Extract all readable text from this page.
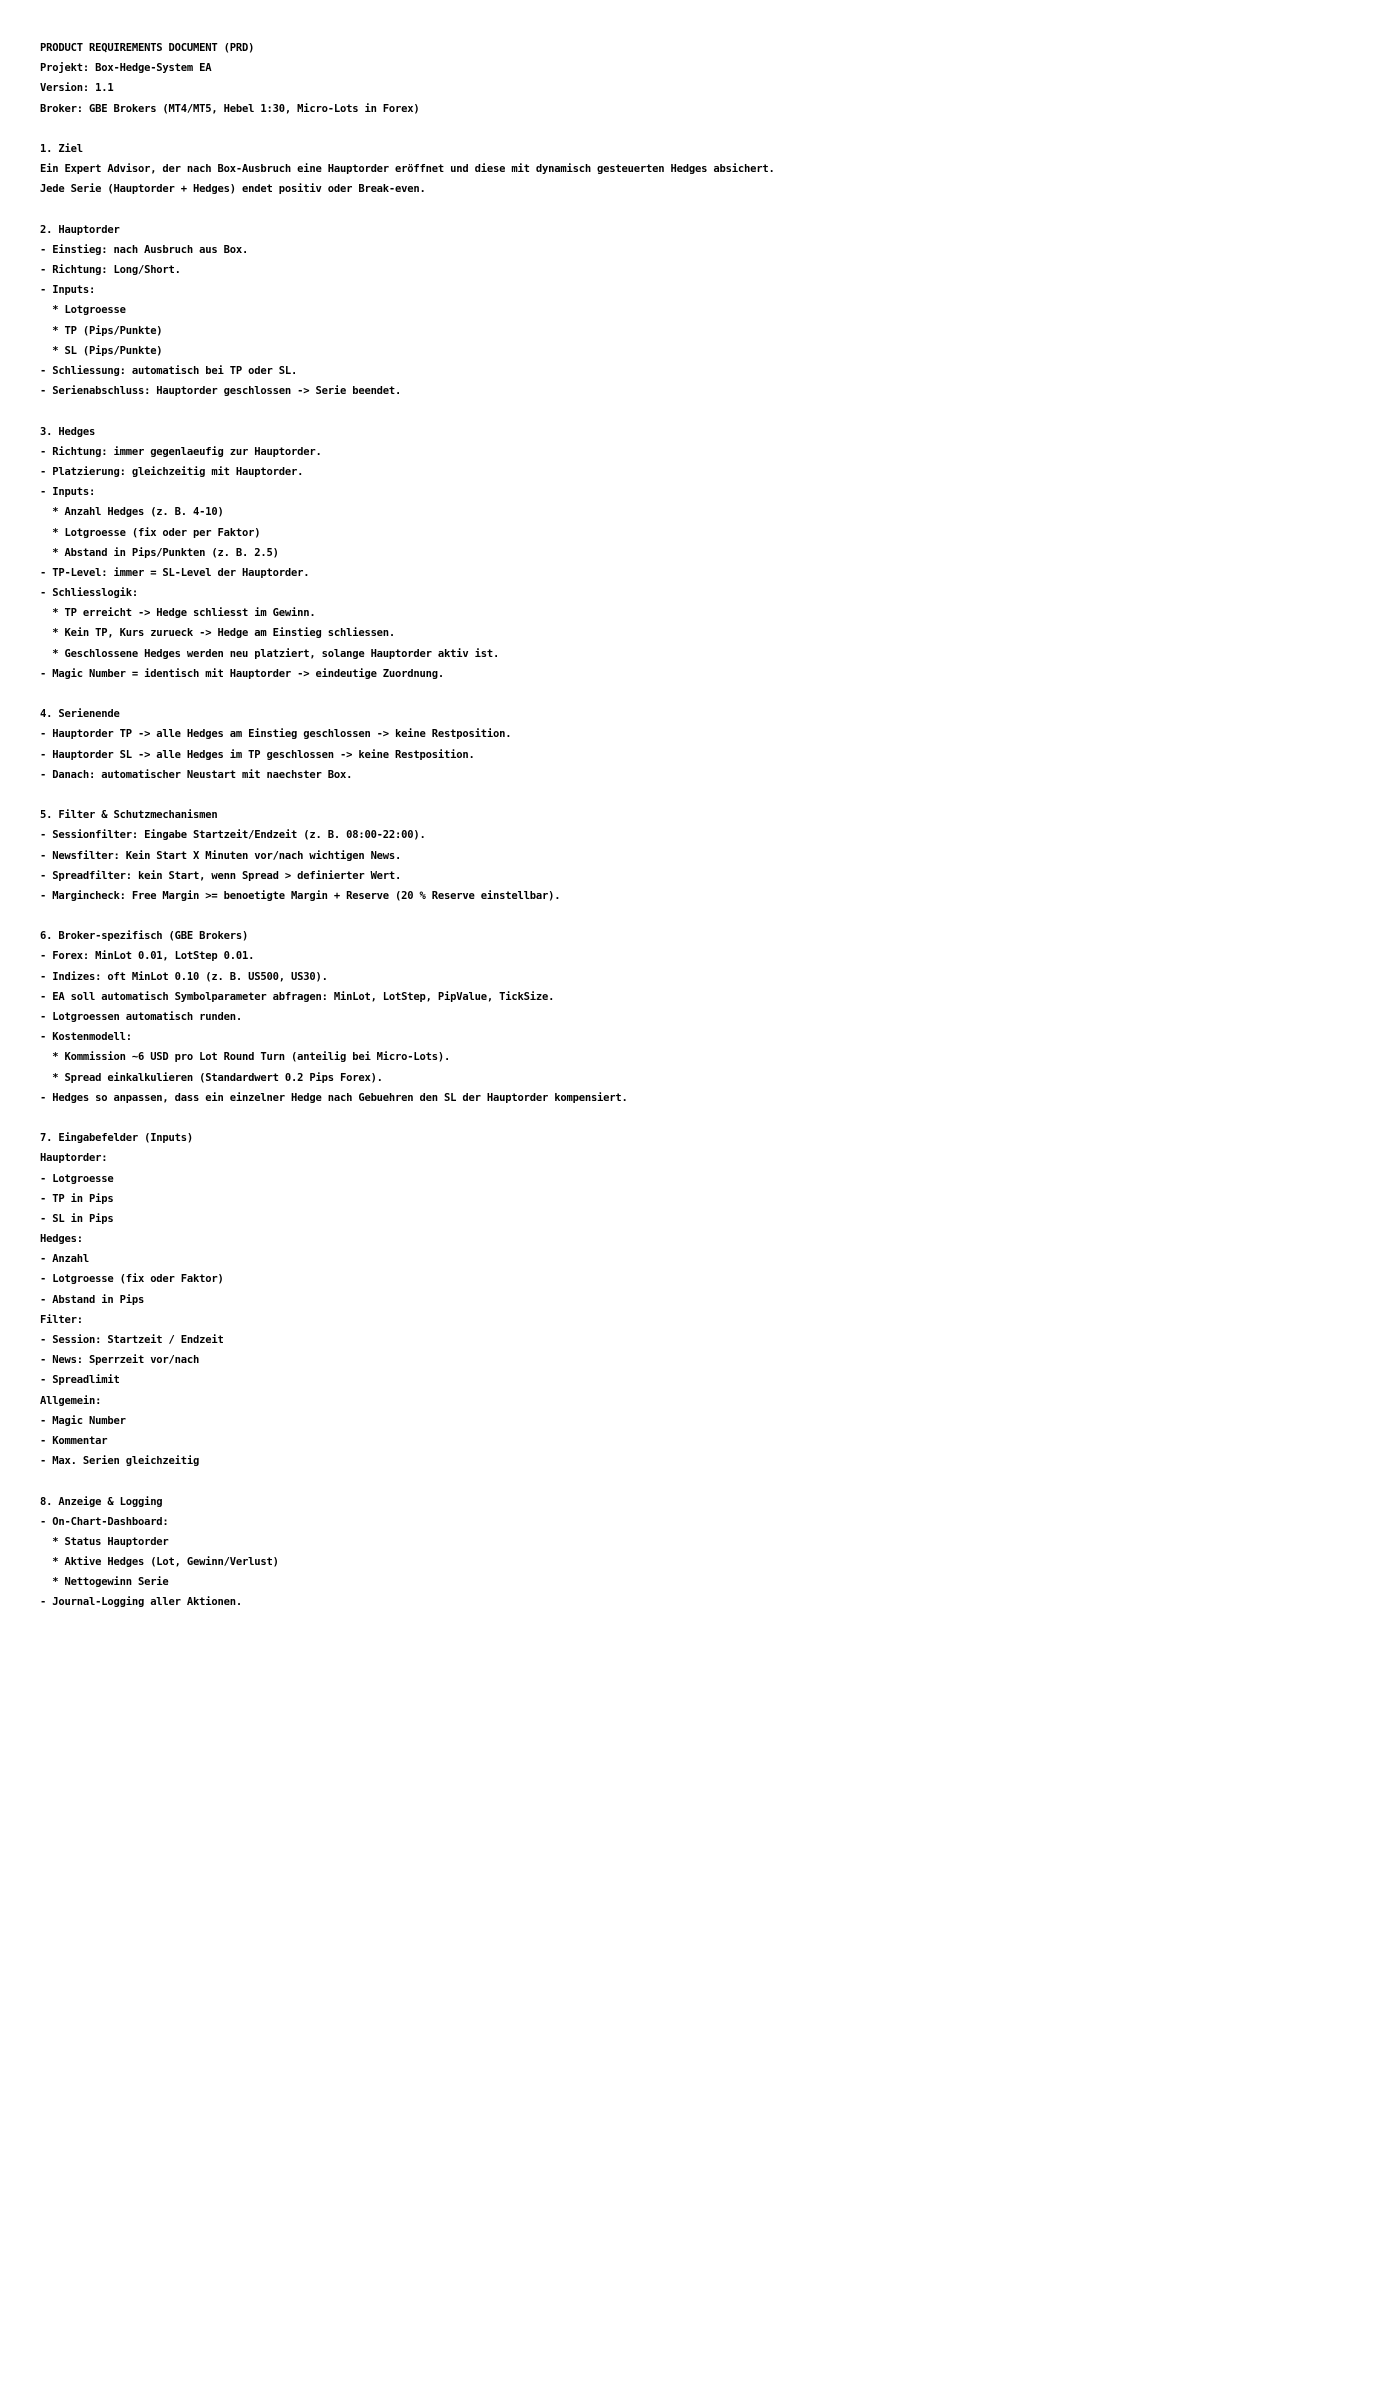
PRODUCT REQUIREMENTS DOCUMENT (PRD)
Projekt: Box-Hedge-System EA
Version: 1.1
Broker: GBE Brokers (MT4/MT5, Hebel 1:30, Micro-Lots in Forex)
1. Ziel
Ein Expert Advisor, der nach Box-Ausbruch eine Hauptorder eröffnet und diese mit dynamisch gesteuerten Hedges absichert.
Jede Serie (Hauptorder + Hedges) endet positiv oder Break-even.
2. Hauptorder
- Einstieg: nach Ausbruch aus Box.
- Richtung: Long/Short.
- Inputs:
* Lotgroesse
* TP (Pips/Punkte)
* SL (Pips/Punkte)
- Schliessung: automatisch bei TP oder SL.
- Serienabschluss: Hauptorder geschlossen -> Serie beendet.
3. Hedges
- Richtung: immer gegenlaeufig zur Hauptorder.
- Platzierung: gleichzeitig mit Hauptorder.
- Inputs:
* Anzahl Hedges (z. B. 4-10)
* Lotgroesse (fix oder per Faktor)
* Abstand in Pips/Punkten (z. B. 2.5)
- TP-Level: immer = SL-Level der Hauptorder.
- Schliesslogik:
* TP erreicht -> Hedge schliesst im Gewinn.
* Kein TP, Kurs zurueck -> Hedge am Einstieg schliessen.
* Geschlossene Hedges werden neu platziert, solange Hauptorder aktiv ist.
- Magic Number = identisch mit Hauptorder -> eindeutige Zuordnung.
4. Serienende
- Hauptorder TP -> alle Hedges am Einstieg geschlossen -> keine Restposition.
- Hauptorder SL -> alle Hedges im TP geschlossen -> keine Restposition.
- Danach: automatischer Neustart mit naechster Box.
5. Filter & Schutzmechanismen
- Sessionfilter: Eingabe Startzeit/Endzeit (z. B. 08:00-22:00).
- Newsfilter: Kein Start X Minuten vor/nach wichtigen News.
- Spreadfilter: kein Start, wenn Spread > definierter Wert.
- Margincheck: Free Margin >= benoetigte Margin + Reserve (20 % Reserve einstellbar).
6. Broker-spezifisch (GBE Brokers)
- Forex: MinLot 0.01, LotStep 0.01.
- Indizes: oft MinLot 0.10 (z. B. US500, US30).
- EA soll automatisch Symbolparameter abfragen: MinLot, LotStep, PipValue, TickSize.
- Lotgroessen automatisch runden.
- Kostenmodell:
* Kommission ~6 USD pro Lot Round Turn (anteilig bei Micro-Lots).
* Spread einkalkulieren (Standardwert 0.2 Pips Forex).
- Hedges so anpassen, dass ein einzelner Hedge nach Gebuehren den SL der Hauptorder kompensiert.
7. Eingabefelder (Inputs)
Hauptorder:
- Lotgroesse
- TP in Pips
- SL in Pips
Hedges:
- Anzahl
- Lotgroesse (fix oder Faktor)
- Abstand in Pips
Filter:
- Session: Startzeit / Endzeit
- News: Sperrzeit vor/nach
- Spreadlimit
Allgemein:
- Magic Number
- Kommentar
- Max. Serien gleichzeitig
8. Anzeige & Logging
- On-Chart-Dashboard:
* Status Hauptorder
* Aktive Hedges (Lot, Gewinn/Verlust)
* Nettogewinn Serie
- Journal-Logging aller Aktionen.
